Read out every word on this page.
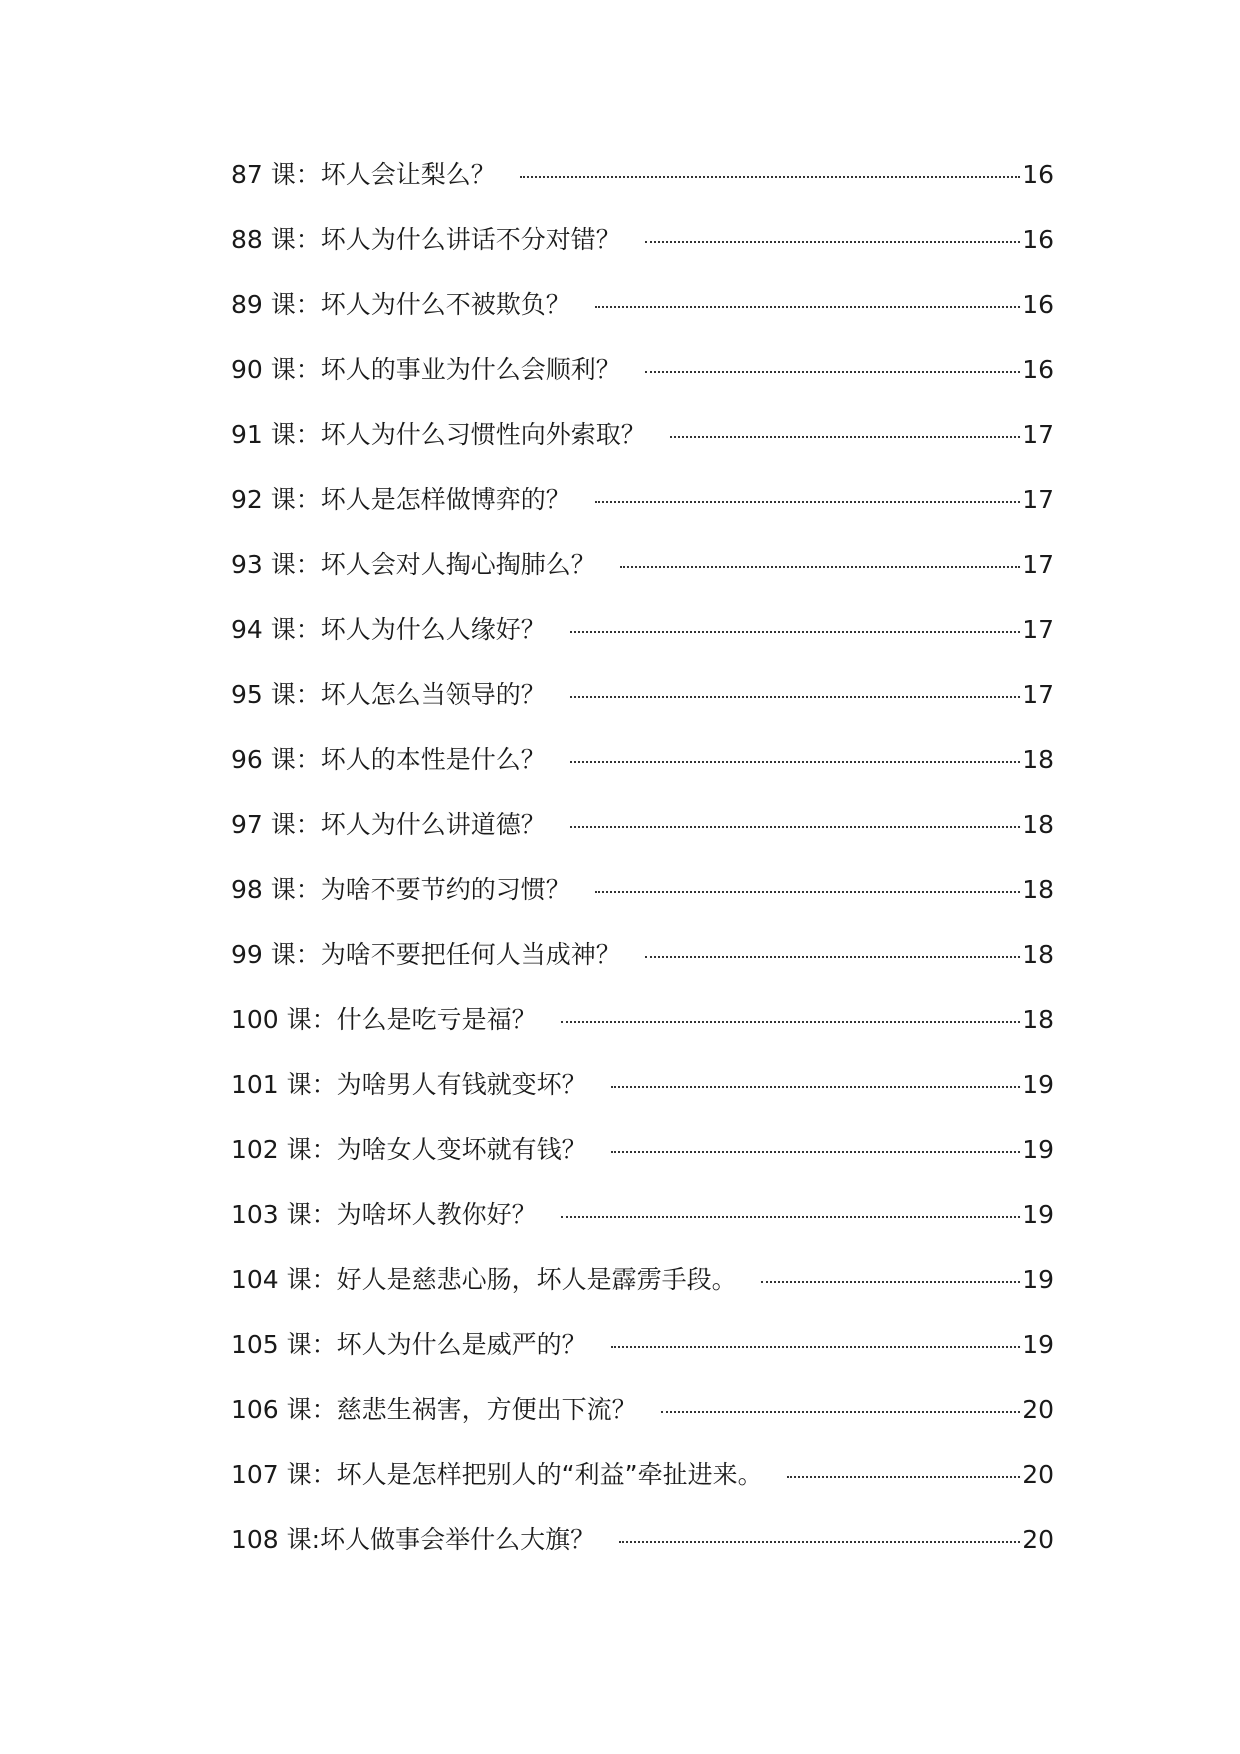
87 课：坏人会让梨么？	16
88 课：坏人为什么讲话不分对错？	16
89 课：坏人为什么不被欺负？	16
90 课：坏人的事业为什么会顺利？	16
91 课：坏人为什么习惯性向外索取？	17
92 课：坏人是怎样做博弈的？	17
93 课：坏人会对人掏心掏肺么？	17
94 课：坏人为什么人缘好？	17
95 课：坏人怎么当领导的？	17
96 课：坏人的本性是什么？	18
97 课：坏人为什么讲道德？	18
98 课：为啥不要节约的习惯？	18
99 课：为啥不要把任何人当成神？	18
100 课：什么是吃亏是福？	18
101 课：为啥男人有钱就变坏？	19
102 课：为啥女人变坏就有钱？	19
103 课：为啥坏人教你好？	19
104 课：好人是慈悲心肠，坏人是霹雳手段。	19
105 课：坏人为什么是威严的？	19
106 课：慈悲生祸害，方便出下流？	20
107 课：坏人是怎样把别人的“利益”牵扯进来。	20
108 课:坏人做事会举什么大旗？	20
